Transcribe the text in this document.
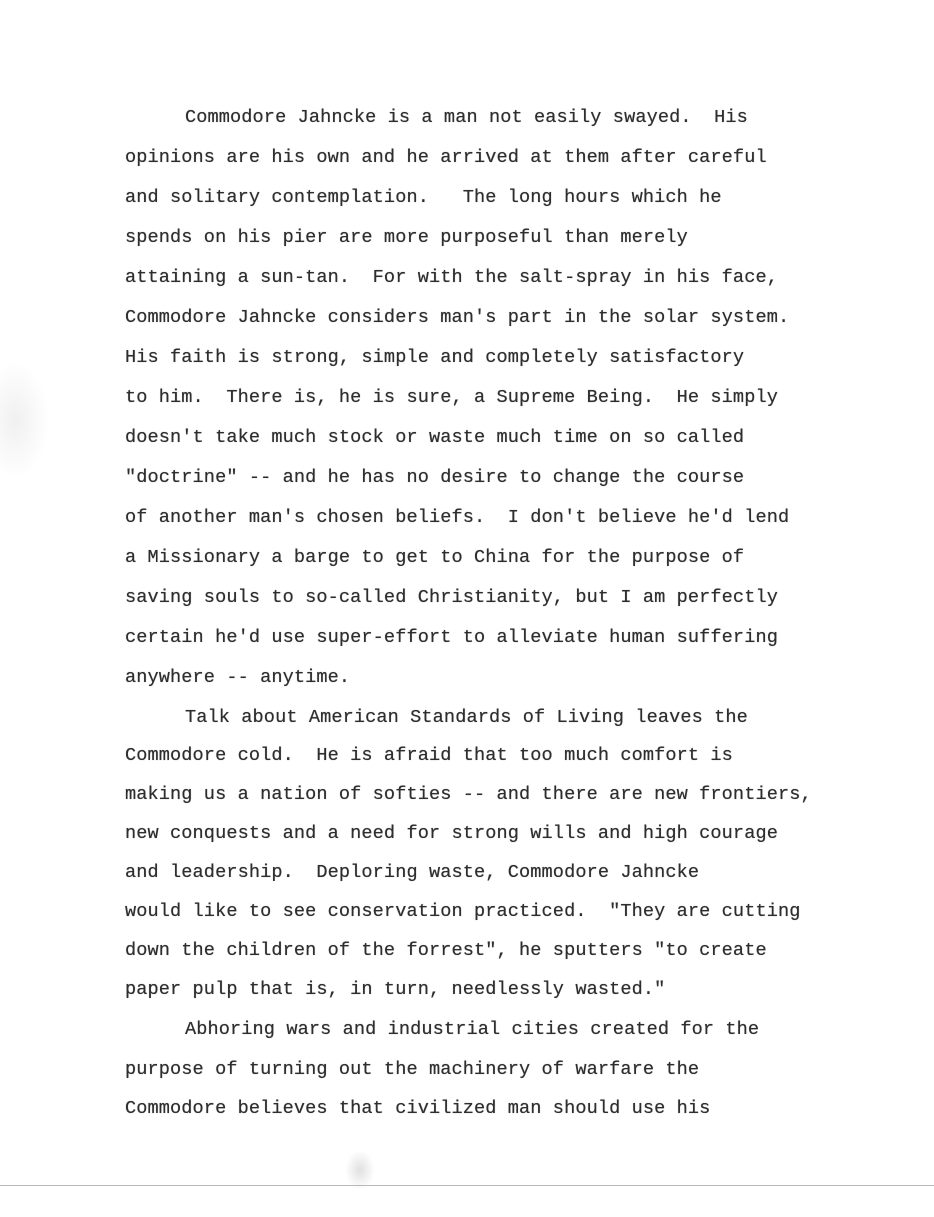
Commodore Jahncke is a man not easily swayed.  His
opinions are his own and he arrived at them after careful
and solitary contemplation.   The long hours which he
spends on his pier are more purposeful than merely
attaining a sun-tan.  For with the salt-spray in his face,
Commodore Jahncke considers man's part in the solar system.
His faith is strong, simple and completely satisfactory
to him.  There is, he is sure, a Supreme Being.  He simply
doesn't take much stock or waste much time on so called
"doctrine" -- and he has no desire to change the course
of another man's chosen beliefs.  I don't believe he'd lend
a Missionary a barge to get to China for the purpose of
saving souls to so-called Christianity, but I am perfectly
certain he'd use super-effort to alleviate human suffering
anywhere -- anytime.
Talk about American Standards of Living leaves the
Commodore cold.  He is afraid that too much comfort is
making us a nation of softies -- and there are new frontiers,
new conquests and a need for strong wills and high courage
and leadership.  Deploring waste, Commodore Jahncke
would like to see conservation practiced.  "They are cutting
down the children of the forrest", he sputters "to create
paper pulp that is, in turn, needlessly wasted."
Abhoring wars and industrial cities created for the
purpose of turning out the machinery of warfare the
Commodore believes that civilized man should use his
